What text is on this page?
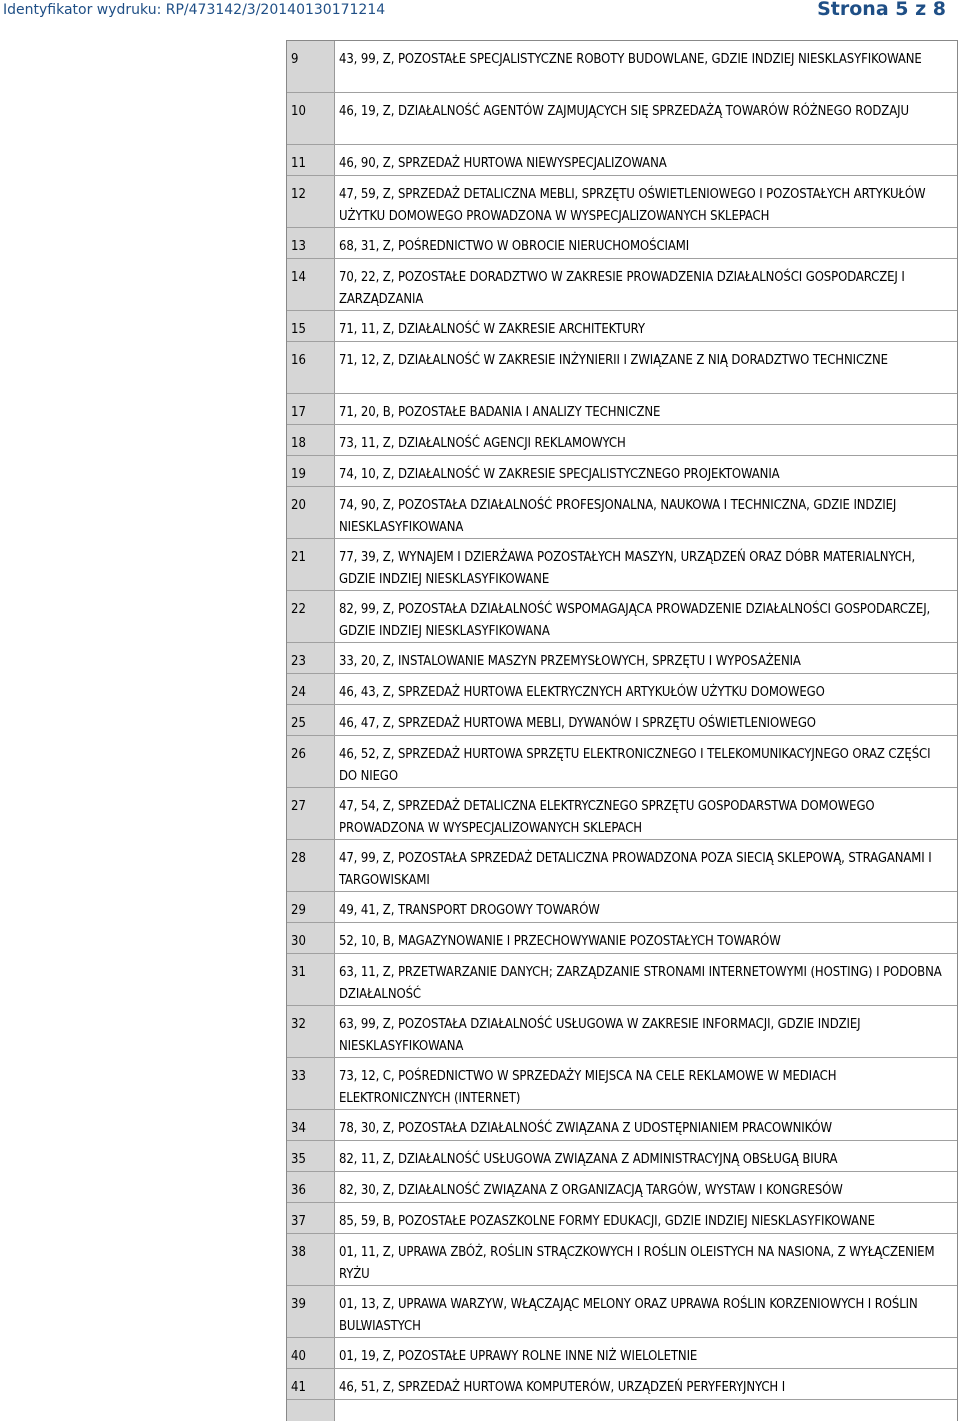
Identyfikator wydruku: RP/473142/3/20140130171214	Strona 5 z 8
9	43, 99, Z, POZOSTAŁE SPECJALISTYCZNE ROBOTY BUDOWLANE, GDZIE INDZIEJ NIESKLASYFIKOWANE
10	46, 19, Z, DZIAŁALNOŚĆ AGENTÓW ZAJMUJĄCYCH SIĘ SPRZEDAŻĄ TOWARÓW RÓŻNEGO RODZAJU
11	46, 90, Z, SPRZEDAŻ HURTOWA NIEWYSPECJALIZOWANA
12	47, 59, Z, SPRZEDAŻ DETALICZNA MEBLI, SPRZĘTU OŚWIETLENIOWEGO I POZOSTAŁYCH ARTYKUŁÓW UŻYTKU DOMOWEGO PROWADZONA W WYSPECJALIZOWANYCH SKLEPACH
13	68, 31, Z, POŚREDNICTWO W OBROCIE NIERUCHOMOŚCIAMI
14	70, 22, Z, POZOSTAŁE DORADZTWO W ZAKRESIE PROWADZENIA DZIAŁALNOŚCI GOSPODARCZEJ I ZARZĄDZANIA
15	71, 11, Z, DZIAŁALNOŚĆ W ZAKRESIE ARCHITEKTURY
16	71, 12, Z, DZIAŁALNOŚĆ W ZAKRESIE INŻYNIERII I ZWIĄZANE Z NIĄ DORADZTWO TECHNICZNE
17	71, 20, B, POZOSTAŁE BADANIA I ANALIZY TECHNICZNE
18	73, 11, Z, DZIAŁALNOŚĆ AGENCJI REKLAMOWYCH
19	74, 10, Z, DZIAŁALNOŚĆ W ZAKRESIE SPECJALISTYCZNEGO PROJEKTOWANIA
20	74, 90, Z, POZOSTAŁA DZIAŁALNOŚĆ PROFESJONALNA, NAUKOWA I TECHNICZNA, GDZIE INDZIEJ NIESKLASYFIKOWANA
21	77, 39, Z, WYNAJEM I DZIERŻAWA POZOSTAŁYCH MASZYN, URZĄDZEŃ ORAZ DÓBR MATERIALNYCH, GDZIE INDZIEJ NIESKLASYFIKOWANE
22	82, 99, Z, POZOSTAŁA DZIAŁALNOŚĆ WSPOMAGAJĄCA PROWADZENIE DZIAŁALNOŚCI GOSPODARCZEJ, GDZIE INDZIEJ NIESKLASYFIKOWANA
23	33, 20, Z, INSTALOWANIE MASZYN PRZEMYSŁOWYCH, SPRZĘTU I WYPOSAŻENIA
24	46, 43, Z, SPRZEDAŻ HURTOWA ELEKTRYCZNYCH ARTYKUŁÓW UŻYTKU DOMOWEGO
25	46, 47, Z, SPRZEDAŻ HURTOWA MEBLI, DYWANÓW I SPRZĘTU OŚWIETLENIOWEGO
26	46, 52, Z, SPRZEDAŻ HURTOWA SPRZĘTU ELEKTRONICZNEGO I TELEKOMUNIKACYJNEGO ORAZ CZĘŚCI DO NIEGO
27	47, 54, Z, SPRZEDAŻ DETALICZNA ELEKTRYCZNEGO SPRZĘTU GOSPODARSTWA DOMOWEGO PROWADZONA W WYSPECJALIZOWANYCH SKLEPACH
28	47, 99, Z, POZOSTAŁA SPRZEDAŻ DETALICZNA PROWADZONA POZA SIECIĄ SKLEPOWĄ, STRAGANAMI I TARGOWISKAMI
29	49, 41, Z, TRANSPORT DROGOWY TOWARÓW
30	52, 10, B, MAGAZYNOWANIE I PRZECHOWYWANIE POZOSTAŁYCH TOWARÓW
31	63, 11, Z, PRZETWARZANIE DANYCH; ZARZĄDZANIE STRONAMI INTERNETOWYMI (HOSTING) I PODOBNA DZIAŁALNOŚĆ
32	63, 99, Z, POZOSTAŁA DZIAŁALNOŚĆ USŁUGOWA W ZAKRESIE INFORMACJI, GDZIE INDZIEJ NIESKLASYFIKOWANA
33	73, 12, C, POŚREDNICTWO W SPRZEDAŻY MIEJSCA NA CELE REKLAMOWE W MEDIACH ELEKTRONICZNYCH (INTERNET)
34	78, 30, Z, POZOSTAŁA DZIAŁALNOŚĆ ZWIĄZANA Z UDOSTĘPNIANIEM PRACOWNIKÓW
35	82, 11, Z, DZIAŁALNOŚĆ USŁUGOWA ZWIĄZANA Z ADMINISTRACYJNĄ OBSŁUGĄ BIURA
36	82, 30, Z, DZIAŁALNOŚĆ ZWIĄZANA Z ORGANIZACJĄ TARGÓW, WYSTAW I KONGRESÓW
37	85, 59, B, POZOSTAŁE POZASZKOLNE FORMY EDUKACJI, GDZIE INDZIEJ NIESKLASYFIKOWANE
38	01, 11, Z, UPRAWA ZBÓŻ, ROŚLIN STRĄCZKOWYCH I ROŚLIN OLEISTYCH NA NASIONA, Z WYŁĄCZENIEM RYŻU
39	01, 13, Z, UPRAWA WARZYW, WŁĄCZAJĄC MELONY ORAZ UPRAWA ROŚLIN KORZENIOWYCH I ROŚLIN BULWIASTYCH
40	01, 19, Z, POZOSTAŁE UPRAWY ROLNE INNE NIŻ WIELOLETNIE
41	46, 51, Z, SPRZEDAŻ HURTOWA KOMPUTERÓW, URZĄDZEŃ PERYFERYJNYCH I
